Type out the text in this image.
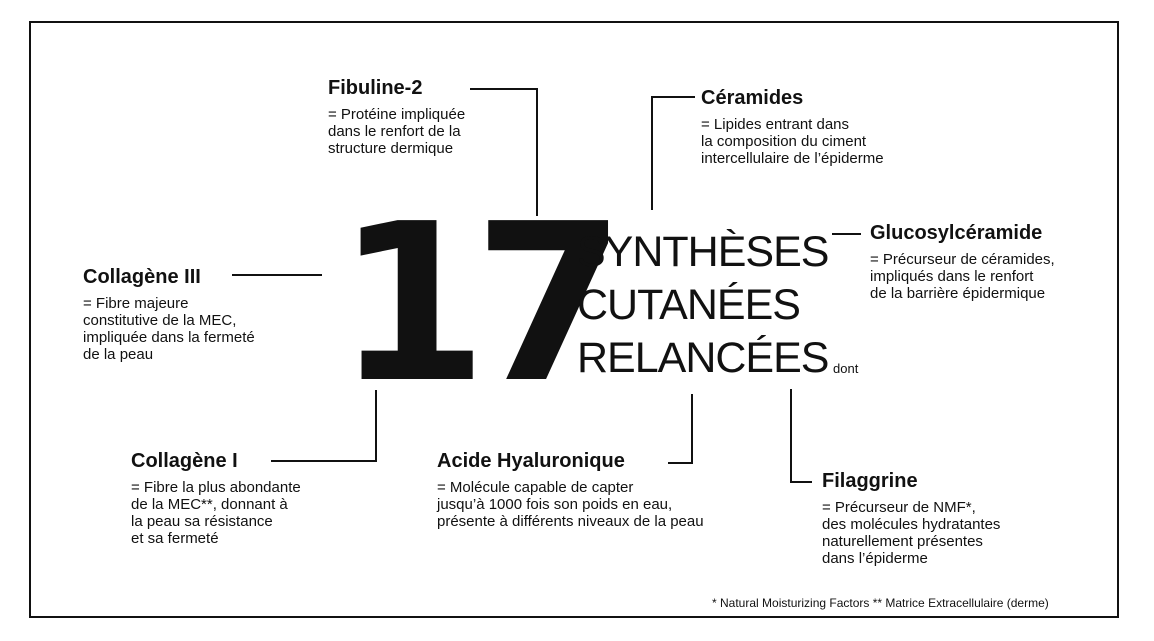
17
SYNTHÈSES
CUTANÉES
RELANCÉES dont
Fibuline-2
= Protéine impliquée
dans le renfort de la
structure dermique
Céramides
= Lipides entrant dans
la composition du ciment
intercellulaire de l’épiderme
Glucosylcéramide
= Précurseur de céramides,
impliqués dans le renfort
de la barrière épidermique
Collagène III
= Fibre majeure
constitutive de la MEC,
impliquée dans la fermeté
de la peau
Collagène I
= Fibre la plus abondante
de la MEC**, donnant à
la peau sa résistance
et sa fermeté
Acide Hyaluronique
= Molécule capable de capter
jusqu’à 1000 fois son poids en eau,
présente à différents niveaux de la peau
Filaggrine
= Précurseur de NMF*,
des molécules hydratantes
naturellement présentes
dans l’épiderme
* Natural Moisturizing Factors ** Matrice Extracellulaire (derme)
